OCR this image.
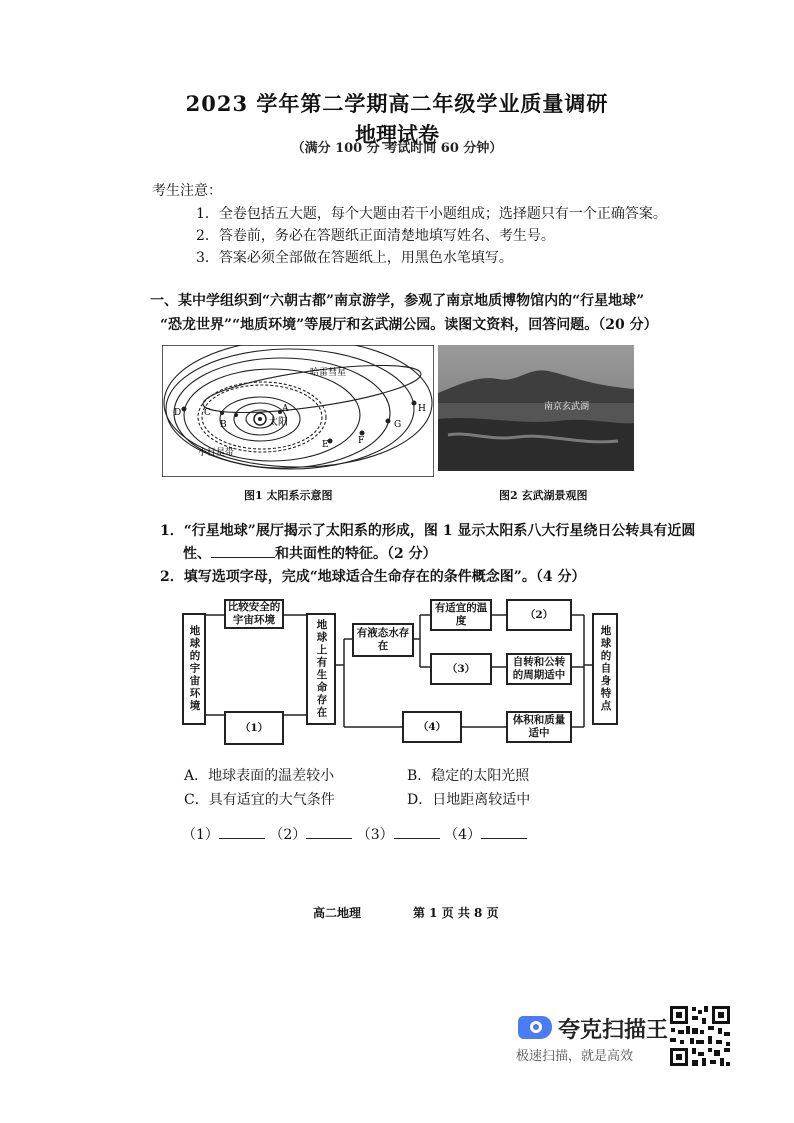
2023 学年第二学期高二年级学业质量调研
地理试卷
（满分 100 分 考试时间 60 分钟）
考生注意：
1．全卷包括五大题，每个大题由若干小题组成；选择题只有一个正确答案。
2．答卷前，务必在答题纸正面清楚地填写姓名、考生号。
3．答案必须全部做在答题纸上，用黑色水笔填写。
一、某中学组织到“六朝古都”南京游学，参观了南京地质博物馆内的“行星地球”
“恐龙世界”“地质环境”等展厅和玄武湖公园。读图文资料，回答问题。（20 分）
太阳
A
B
C
D
E	F
G
H
哈雷彗星
小行星带
图1 太阳系示意图
南京玄武湖
图2 玄武湖景观图
1．“行星地球”展厅揭示了太阳系的形成，图 1 显示太阳系八大行星绕日公转具有近圆
性、	和共面性的特征。（2 分）
2．填写选项字母，完成“地球适合生命存在的条件概念图”。（4 分）
地球的宇宙环境
比较安全的宇宙环境
（1）
地球上有生命存在	有液态水存在
有适宜的温度
（2）
（3）
自转和公转的周期适中
（4）
体积和质量适中
地球的自身特点
A．地球表面的温差较小	B．稳定的太阳光照
C．具有适宜的大气条件	D．日地距离较适中
（1）	（2）	（3）	（4）
高二地理	第 1 页 共 8 页
夸克扫描王
极速扫描，就是高效
